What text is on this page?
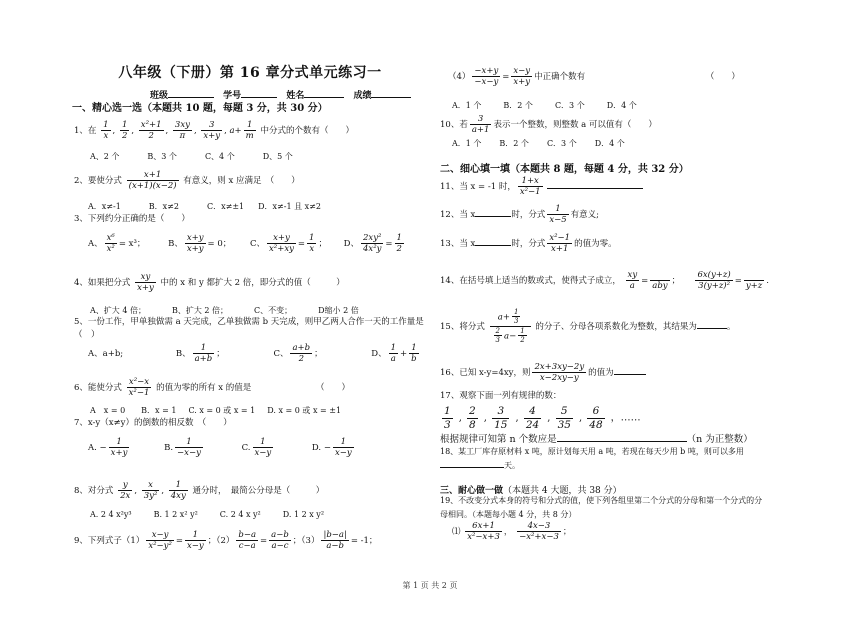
八年级（下册）第 16 章分式单元练习一
班级	学号	姓名	成绩
一、精心选一选（本题共 10 题，每题 3 分，共 30 分）
1、在 $\frac{1}{x}$ , $\frac{1}{2}$ , $\frac{\text{x²+1}}{2}$ , $\frac{3xy}{\pi}$ , $\frac{3}{x+y}$ , $a+ \frac{1}{m}$ 中分式的个数有（　　）
A、2 个	B、3 个	C、4 个	D、5 个
2、要使分式 $\frac{x+1}{(x+1)(x-2)}$ 有意义，则 x 应满足　（　　）
A．x≠-1	B．x≠2	C．x≠±1 D．x≠-1 且 x≠2
3、下列约分正确的是（　　）
A、 $\frac{\text{x⁶}}{\text{x²}} = x^3$； B、 $\frac{x+y}{x+y} = 0$； C、 $\frac{x+y}{\text{x²+xy}} = \frac{1}{x}$ ； D、 $\frac{\text{2xy²}}{\text{4x²y}} = \frac{1}{2}$
4、如果把分式 $\frac{xy}{x+y}$ 中的 x 和 y 都扩大 2 倍，即分式的值（　　　）
A、扩大 4 倍；	B、扩大 2 倍；	C、不变；	D缩小 2 倍
5、一份工作，甲单独做需 a 天完成，乙单独做需 b 天完成，则甲乙两人合作一天的工作量是
（　）
A、a+b;	B、 $\frac{1}{a+b}$ ；	C、 $\frac{a+b}{2}$ ；	D、 $\frac{1}{a} + \frac{1}{b}$
6、能使分式 $\frac{\text{x²−x}}{\text{x²−1}}$ 的值为零的所有 x 的值是	（　　）
A　x = 0 B．x = 1 C. x = 0 或 x = 1 D. x = 0 或 x = ±1
7、x-y（x≠y）的倒数的相反数　（　　）
A. − $\frac{1}{x+y}$	B. $\frac{1}{-x-y}$	C. $\frac{1}{x-y}$	D. − $\frac{1}{x-y}$
8、对分式 $\frac{y}{2x}$ , $\frac{x}{\text{3y²}}$ , $\frac{1}{4xy}$ 通分时，　最简公分母是（　　　）
A. 2 4 x²y³	B. 1 2 x² y²	C. 2 4 x y²	D. 1 2 x y²
9、下列式子$(1) \frac{x-y}{\text{x²−y²}} = \frac{1}{x-y}$ ；$(2) \frac{b-a}{c-a} = \frac{a-b}{a-c}$ ；$(3) \frac{|b-a|}{a-b} = -1$；
$(4) \frac{-x+y}{-x-y} = \frac{x-y}{x+y}$ 中正确个数有	（　　）
A．1 个	B．2 个	C．3 个	D．4 个
10、若 $\frac{3}{a+1}$ 表示一个整数，则整数 a 可以值有（　　）
A．1 个 B．2 个 C．3 个 D．4 个
二、细心填一填（本题共 8 题，每题 4 分，共 32 分）
11、当 x = -1 时， $\frac{1+x}{\text{x²−1}}$

12、当 x	时，分式 $\frac{1}{x-5}$ 有意义;
13、当 x	时，分式 $\frac{\text{x²−1}}{x+1}$ 的值为零。
14、在括号填上适当的数或式，使得式子成立， $\frac{xy}{a}$ =
aby ； $\frac{6x(y+z)}{\text{3(y+z)²}}$ =
y+z .
15、将分式 $\frac{a+ \frac{1}{3}}{\frac{2}{3} a- \frac{1}{2}}$ 的分子、分母各项系数化为整数，其结果为	。
16、已知 x-y=4xy，则 $\frac{2x+3xy-2y}{x-2xy-y}$ 的值为
17、观察下面一列有规律的数：
$\frac{1}{3}$ , $\frac{2}{8}$ , $\frac{3}{15}$ , $\frac{4}{24}$ , $\frac{5}{35}$ , $\frac{6}{48}$ ，……
根据规律可知第 n 个数应是	（n 为正整数）
18、某工厂库存原材料 x 吨，原计划每天用 a 吨，若现在每天少用 b 吨，则可以多用
天。
三、耐心做一做（本题共 4 大题，共 38 分）
19、不改变分式本身的符号和分式的值，使下列各组里第二个分式的分母和第一个分式的分
母相同。（本题每小题 4 分，共 8 分）
⑴ $\frac{6x+1}{\text{x²−x+3}}$ ， $\frac{4x-3}{\text{−x²+x−3}}$ ；
第 1 页 共 2 页
